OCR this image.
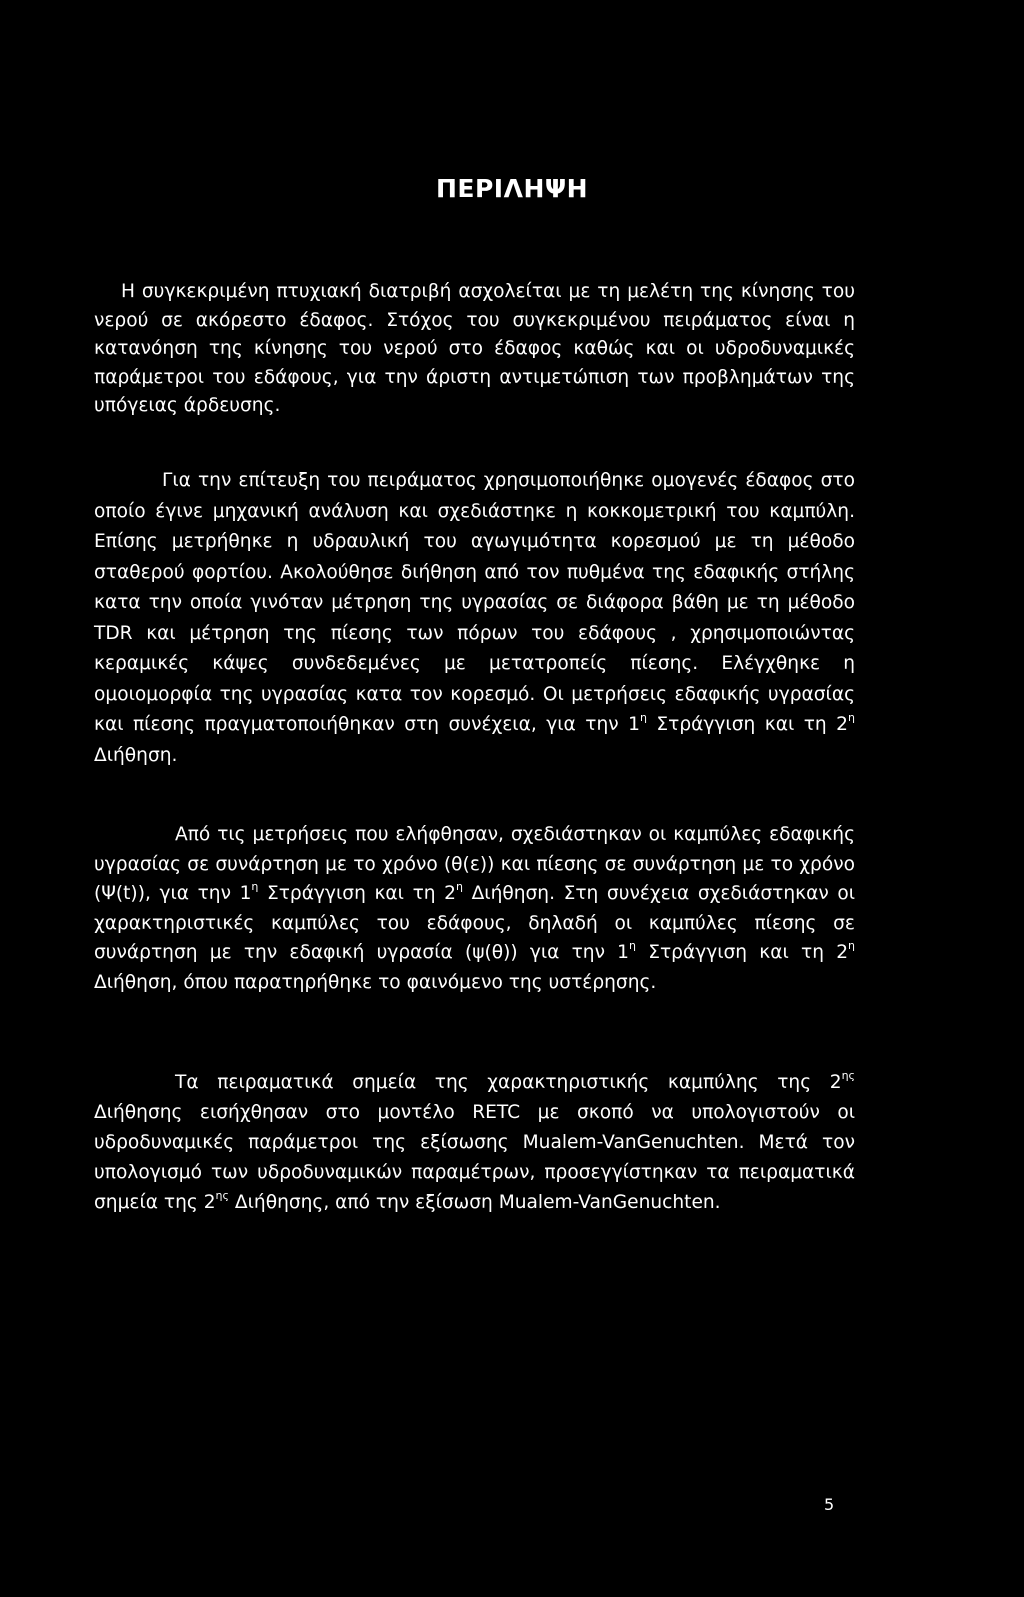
ΠΕΡΙΛΗΨΗ

Η συγκεκριμένη πτυχιακή διατριβή ασχολείται με τη μελέτη της κίνησης του νερού σε ακόρεστο έδαφος. Στόχος του συγκεκριμένου πειράματος είναι η κατανόηση της κίνησης του νερού στο έδαφος καθώς και οι υδροδυναμικές παράμετροι του εδάφους, για την άριστη αντιμετώπιση των προβλημάτων της υπόγειας άρδευσης.

Για την επίτευξη του πειράματος χρησιμοποιήθηκε ομογενές έδαφος στο οποίο έγινε μηχανική ανάλυση και σχεδιάστηκε η κοκκομετρική του καμπύλη. Επίσης μετρήθηκε η υδραυλική του αγωγιμότητα κορεσμού με τη μέθοδο σταθερού φορτίου. Ακολούθησε διήθηση από τον πυθμένα της εδαφικής στήλης κατα την οποία γινόταν μέτρηση της υγρασίας σε διάφορα βάθη με τη μέθοδο TDR και μέτρηση της πίεσης των πόρων του εδάφους , χρησιμοποιώντας κεραμικές κάψες συνδεδεμένες με μετατροπείς πίεσης. Ελέγχθηκε η ομοιομορφία της υγρασίας κατα τον κορεσμό. Οι μετρήσεις εδαφικής υγρασίας και πίεσης πραγματοποιήθηκαν στη συνέχεια, για την $1^\eta$ Στράγγιση και τη $2^\eta$ Διήθηση.

Από τις μετρήσεις που ελήφθησαν, σχεδιάστηκαν οι καμπύλες εδαφικής υγρασίας σε συνάρτηση με το χρόνο (θ(ε)) και πίεσης σε συνάρτηση με το χρόνο (Ψ(t)), για την $1^\eta$ Στράγγιση και τη $2^\eta$ Διήθηση. Στη συνέχεια σχεδιάστηκαν οι χαρακτηριστικές καμπύλες του εδάφους, δηλαδή οι καμπύλες πίεσης σε συνάρτηση με την εδαφική υγρασία (ψ(θ)) για την $1^\eta$ Στράγγιση και τη $2^\eta$ Διήθηση, όπου παρατηρήθηκε το φαινόμενο της υστέρησης.

Τα πειραματικά σημεία της χαρακτηριστικής καμπύλης της $2^{\eta\varsigma}$ Διήθησης εισήχθησαν στο μοντέλο RETC με σκοπό να υπολογιστούν οι υδροδυναμικές παράμετροι της εξίσωσης Mualem-VanGenuchten. Μετά τον υπολογισμό των υδροδυναμικών παραμέτρων, προσεγγίστηκαν τα πειραματικά σημεία της $2^{\eta\varsigma}$ Διήθησης, από την εξίσωση Mualem-VanGenuchten.

5
